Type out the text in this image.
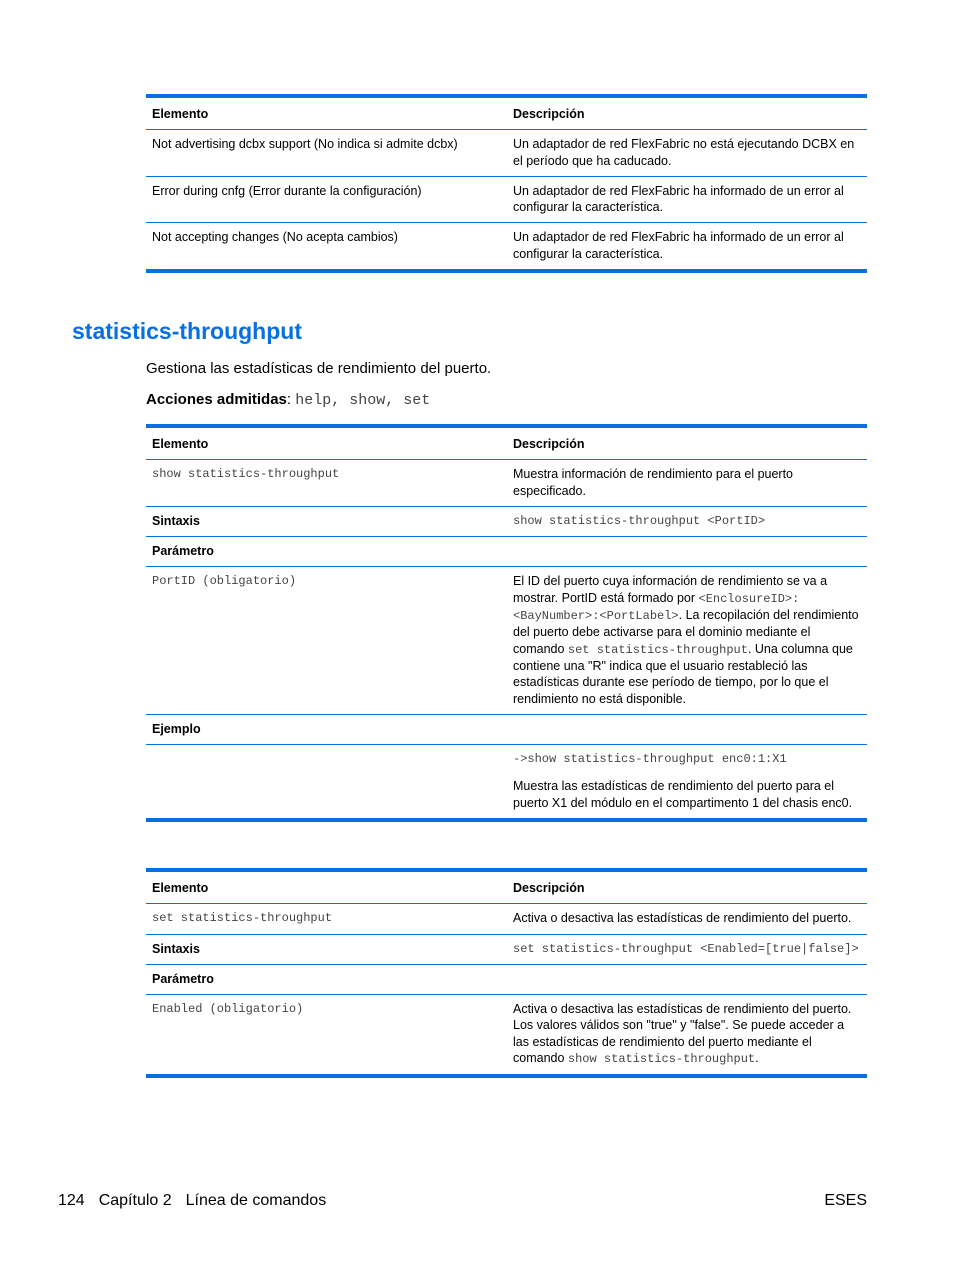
Elemento	Descripción
Not advertising dcbx support (No indica si admite dcbx)	Un adaptador de red FlexFabric no está ejecutando DCBX en el período que ha caducado.
Error during cnfg (Error durante la configuración)	Un adaptador de red FlexFabric ha informado de un error al configurar la característica.
Not accepting changes (No acepta cambios)	Un adaptador de red FlexFabric ha informado de un error al configurar la característica.
statistics-throughput
Gestiona las estadísticas de rendimiento del puerto.
Acciones admitidas: help, show, set
Elemento	Descripción
show statistics-throughput	Muestra información de rendimiento para el puerto especificado.
Sintaxis	show statistics-throughput <PortID>
Parámetro	
PortID (obligatorio)	El ID del puerto cuya información de rendimiento se va a mostrar. PortID está formado por <EnclosureID>:<BayNumber>:<PortLabel>. La recopilación del rendimiento del puerto debe activarse para el dominio mediante el comando set statistics-throughput. Una columna que contiene una "R" indica que el usuario restableció las estadísticas durante ese período de tiempo, por lo que el rendimiento no está disponible.
Ejemplo	

	->show statistics-throughput enc0:1:X1

Muestra las estadísticas de rendimiento del puerto para el puerto X1 del módulo en el compartimento 1 del chasis enc0.

Elemento	Descripción
set statistics-throughput	Activa o desactiva las estadísticas de rendimiento del puerto.
Sintaxis	set statistics-throughput <Enabled=[true|false]>
Parámetro	
Enabled (obligatorio)	Activa o desactiva las estadísticas de rendimiento del puerto. Los valores válidos son "true" y "false". Se puede acceder a las estadísticas de rendimiento del puerto mediante el comando show statistics-throughput.
124 Capítulo 2 Línea de comandos	ESES
